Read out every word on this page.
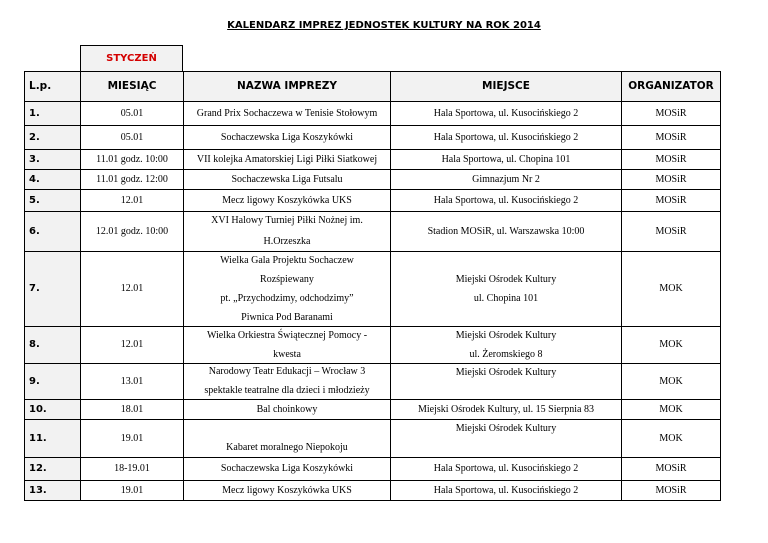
KALENDARZ IMPREZ JEDNOSTEK KULTURY NA ROK 2014
STYCZEŃ
L.p.	MIESIĄC	NAZWA IMPREZY	MIEJSCE	ORGANIZATOR
1.	05.01	Grand Prix Sochaczewa w Tenisie Stołowym	Hala Sportowa, ul. Kusocińskiego 2	MOSiR
2.	05.01	Sochaczewska Liga Koszykówki	Hala Sportowa, ul. Kusocińskiego 2	MOSiR
3.	11.01 godz. 10:00	VII kolejka Amatorskiej Ligi Piłki Siatkowej	Hala Sportowa, ul. Chopina 101	MOSiR
4.	11.01 godz. 12:00	Sochaczewska Liga Futsalu	Gimnazjum Nr 2	MOSiR
5.	12.01	Mecz ligowy Koszykówka UKS	Hala Sportowa, ul. Kusocińskiego 2	MOSiR
6.	12.01 godz. 10:00	XVI Halowy Turniej Piłki Nożnej im.
H.Orzeszka	Stadion MOSiR, ul. Warszawska 10:00	MOSiR
7.	12.01	Wielka Gala Projektu Sochaczew
Rozśpiewany
pt. „Przychodzimy, odchodzimy”
Piwnica Pod Baranami	Miejski Ośrodek Kultury
ul. Chopina 101	MOK
8.	12.01	Wielka Orkiestra Świątecznej Pomocy -
kwesta	Miejski Ośrodek Kultury
ul. Żeromskiego 8	MOK
9.	13.01	Narodowy Teatr Edukacji – Wrocław 3
spektakle teatralne dla dzieci i młodzieży	Miejski Ośrodek Kultury	MOK
10.	18.01	Bal choinkowy	Miejski Ośrodek Kultury, ul. 15 Sierpnia 83	MOK
11.	19.01	Kabaret moralnego Niepokoju	Miejski Ośrodek Kultury	MOK
12.	18-19.01	Sochaczewska Liga Koszykówki	Hala Sportowa, ul. Kusocińskiego 2	MOSiR
13.	19.01	Mecz ligowy Koszykówka UKS	Hala Sportowa, ul. Kusocińskiego 2	MOSiR
